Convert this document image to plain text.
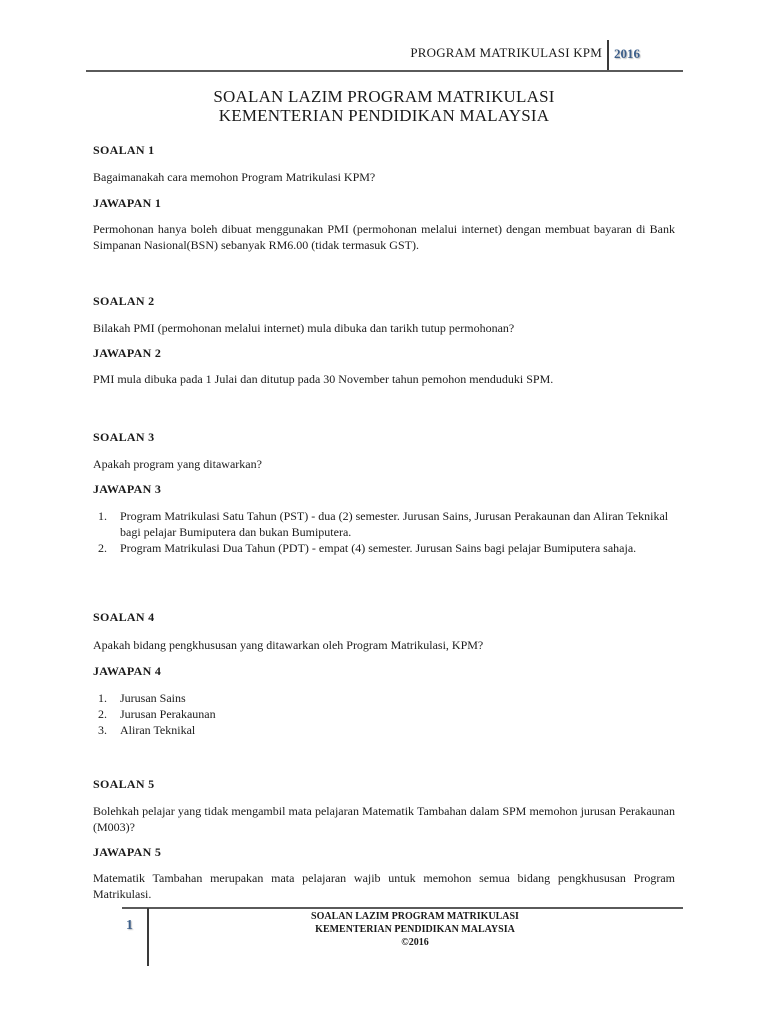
PROGRAM MATRIKULASI KPM 2016
SOALAN LAZIM PROGRAM MATRIKULASI
KEMENTERIAN PENDIDIKAN MALAYSIA
SOALAN 1
Bagaimanakah cara memohon Program Matrikulasi KPM?
JAWAPAN 1
Permohonan hanya boleh dibuat menggunakan PMI (permohonan melalui internet) dengan membuat bayaran di Bank Simpanan Nasional(BSN) sebanyak RM6.00 (tidak termasuk GST).
SOALAN 2
Bilakah PMI (permohonan melalui internet) mula dibuka dan tarikh tutup permohonan?
JAWAPAN 2
PMI mula dibuka pada 1 Julai dan ditutup pada 30 November tahun pemohon menduduki SPM.
SOALAN 3
Apakah program yang ditawarkan?
JAWAPAN 3
1. Program Matrikulasi Satu Tahun (PST) - dua (2) semester. Jurusan Sains, Jurusan Perakaunan dan Aliran Teknikal bagi pelajar Bumiputera dan bukan Bumiputera.
2. Program Matrikulasi Dua Tahun (PDT) - empat (4) semester. Jurusan Sains bagi pelajar Bumiputera sahaja.
SOALAN 4
Apakah bidang pengkhususan yang ditawarkan oleh Program Matrikulasi, KPM?
JAWAPAN 4
1. Jurusan Sains
2. Jurusan Perakaunan
3. Aliran Teknikal
SOALAN 5
Bolehkah pelajar yang tidak mengambil mata pelajaran Matematik Tambahan dalam SPM memohon jurusan Perakaunan (M003)?
JAWAPAN 5
Matematik Tambahan merupakan mata pelajaran wajib untuk memohon semua bidang pengkhususan Program Matrikulasi.
1
SOALAN LAZIM PROGRAM MATRIKULASI
KEMENTERIAN PENDIDIKAN MALAYSIA
©2016
